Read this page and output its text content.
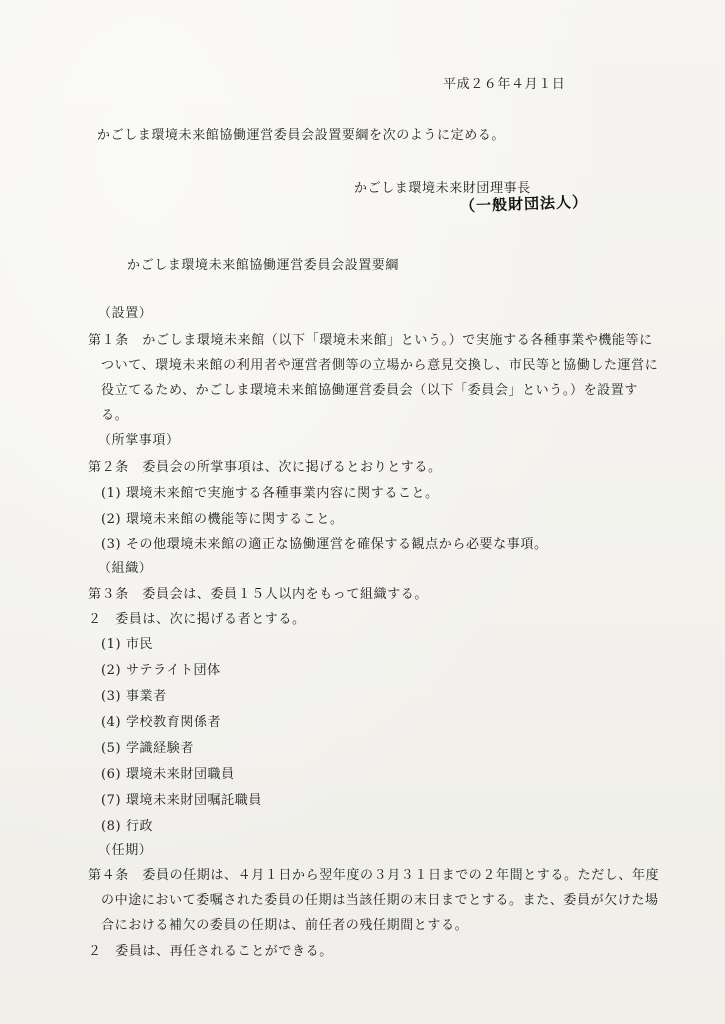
平成２６年４月１日
かごしま環境未来館協働運営委員会設置要綱を次のように定める。
かごしま環境未来財団理事長
（一般財団法人）
かごしま環境未来館協働運営委員会設置要綱
（設置）
第１条　かごしま環境未来館（以下「環境未来館」という。）で実施する各種事業や機能等に
ついて、環境未来館の利用者や運営者側等の立場から意見交換し、市民等と協働した運営に
役立てるため、かごしま環境未来館協働運営委員会（以下「委員会」という。）を設置す
る。
（所掌事項）
第２条　委員会の所掌事項は、次に掲げるとおりとする。
(1) 環境未来館で実施する各種事業内容に関すること。
(2) 環境未来館の機能等に関すること。
(3) その他環境未来館の適正な協働運営を確保する観点から必要な事項。
（組織）
第３条　委員会は、委員１５人以内をもって組織する。
２　委員は、次に掲げる者とする。
(1) 市民
(2) サテライト団体
(3) 事業者
(4) 学校教育関係者
(5) 学識経験者
(6) 環境未来財団職員
(7) 環境未来財団嘱託職員
(8) 行政
（任期）
第４条　委員の任期は、４月１日から翌年度の３月３１日までの２年間とする。ただし、年度
の中途において委嘱された委員の任期は当該任期の末日までとする。また、委員が欠けた場
合における補欠の委員の任期は、前任者の残任期間とする。
２　委員は、再任されることができる。
